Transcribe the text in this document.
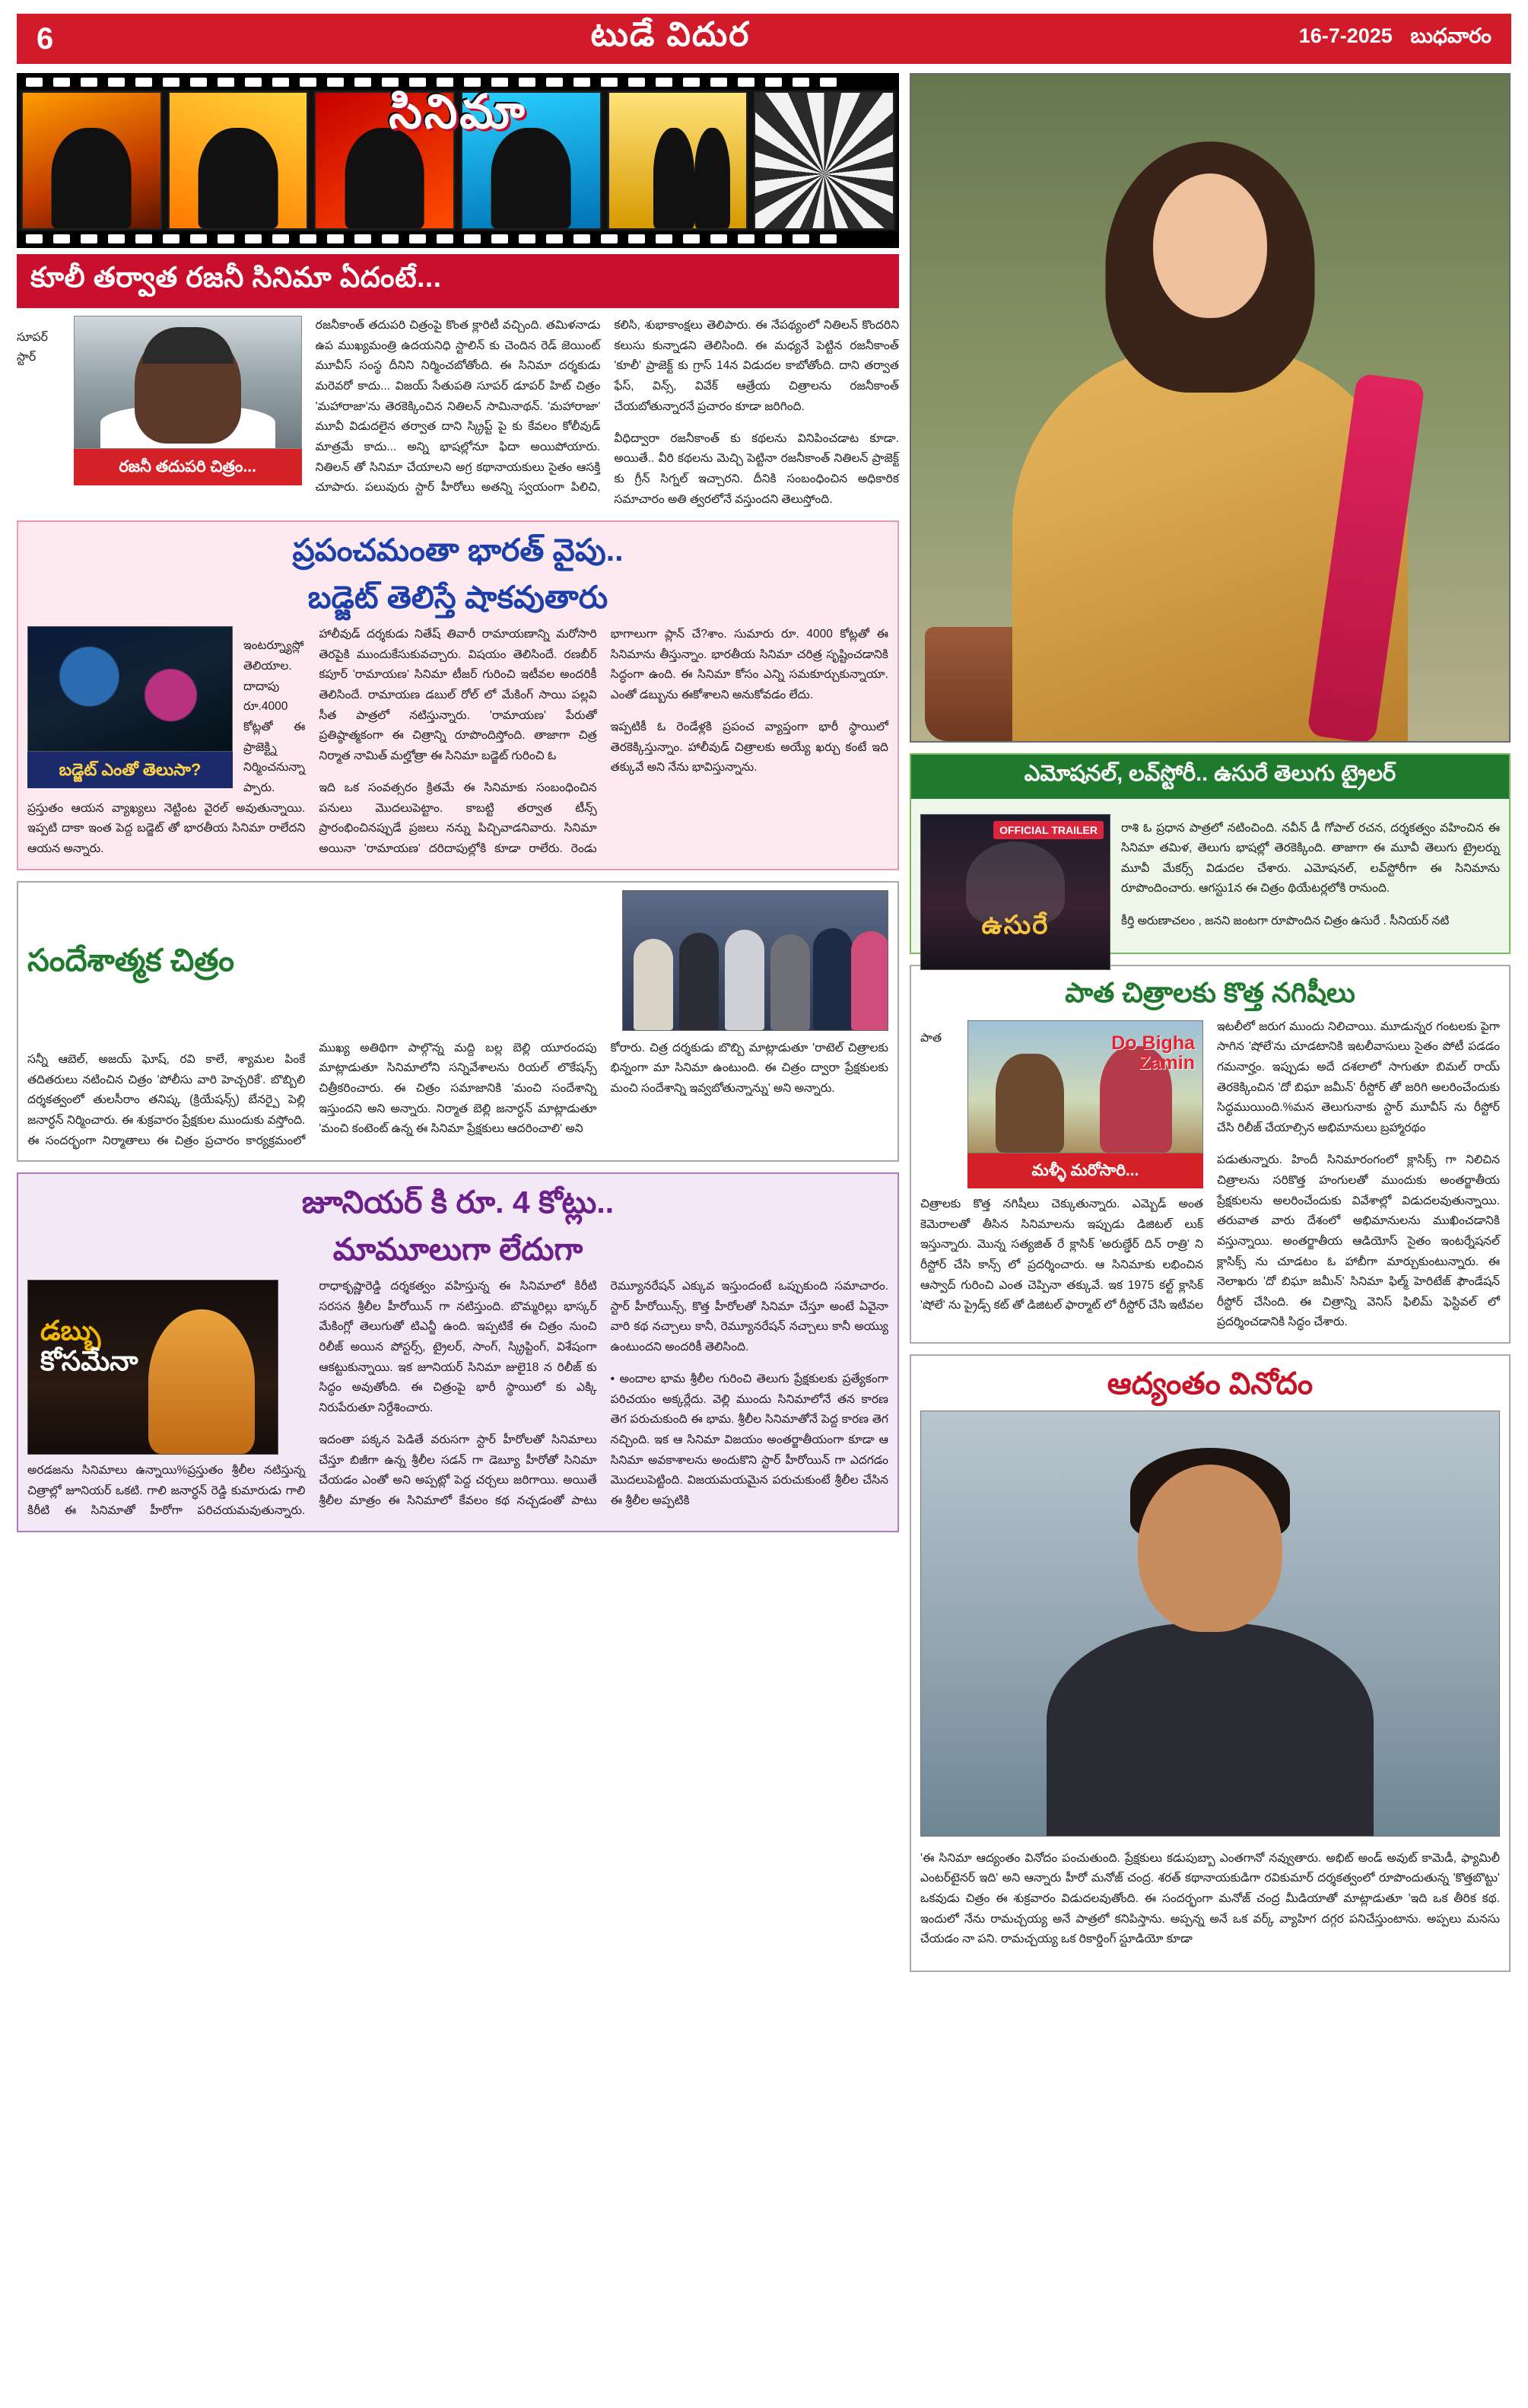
6	టుడే విదుర	16-7-2025 బుధవారం
సినిమా
కూలీ తర్వాత రజనీ సినిమా ఏదంటే...
రజనీ తదుపరి చిత్రం...

సూపర్ స్టార్ రజనీకాంత్ తదుపరి చిత్రంపై కొంత క్లారిటీ వచ్చింది. తమిళనాడు ఉప ముఖ్యమంత్రి ఉదయనిధి స్టాలిన్ కు చెందిన రెడ్ జెయింట్ మూవీస్ సంస్థ దీనిని నిర్మించబోతోంది. ఈ సినిమా దర్శకుడు మరెవరో కాదు... విజయ్ సేతుపతి సూపర్ డూపర్ హిట్ చిత్రం 'మహారాజా'ను తెరకెక్కించిన నితిలన్ సామినాథన్. 'మహారాజా' మూవీ విడుదలైన తర్వాత దాని స్క్రిప్ట్ పై కు కేవలం కోలీవుడ్ మాత్రమే కాదు... అన్ని భాషల్లోనూ ఫిదా అయిపోయారు. నితిలన్ తో సినిమా చేయాలని అగ్ర కథానాయకులు సైతం ఆసక్తి చూపారు. పలువురు స్టార్ హీరోలు అతన్ని స్వయంగా పిలిచి, కలిసి, శుభాకాంక్షలు తెలిపారు. ఈ నేపథ్యంలో నితిలన్ కొందరిని కలుసు కున్నాడని తెలిసింది. ఈ మధ్యనే పెట్టిన రజనీకాంత్ 'కూలీ' ప్రాజెక్ట్ కు గ్రాస్ 14న విడుదల కాబోతోంది. దాని తర్వాత ఫేస్, విన్స్, వివేక్ ఆత్రేయ చిత్రాలను రజనీకాంత్ చేయబోతున్నారనే ప్రచారం కూడా జరిగింది.

వీధిద్వారా రజనీకాంత్ కు కథలను వినిపించడాట కూడా. అయితే.. వీరి కథలను మెచ్చి పెట్టినా రజనీకాంత్ నితిలన్ ప్రాజెక్ట్ కు గ్రీన్ సిగ్నల్ ఇచ్చారని. దీనికి సంబంధించిన అధికారిక సమాచారం అతి త్వరలోనే వస్తుందని తెలుస్తోంది.

ప్రపంచమంతా భారత్ వైపు..
బడ్జెట్ తెలిస్తే షాకవుతారు
బడ్జెట్ ఎంతో తెలుసా?

ఇంటర్న్యూస్లో తెలియాల. దాదాపు రూ.4000 కోట్లతో ఈ ప్రాజెక్ట్ని నిర్మించనున్నా ప్పారు. ప్రస్తుతం ఆయన వ్యాఖ్యలు నెట్టింట వైరల్ అవుతున్నాయి. ఇప్పటి దాకా ఇంత పెద్ద బడ్జెట్ తో భారతీయ సినిమా రాలేదని ఆయన అన్నారు.

హాలీవుడ్ దర్శకుడు నితేష్ తివారీ రామాయణాన్ని మరోసారి తెరపైకి ముందుకేసుకువచ్చారు. విషయం తెలిసిందే. రణబీర్ కపూర్ 'రామాయణ' సినిమా టీజర్ గురించి ఇటీవల అందరికీ తెలిసిందే. రామాయణ డబుల్ రోల్ లో మేకింగ్ సాయి పల్లవి సీత పాత్రలో నటిస్తున్నారు. 'రామాయణ' పేరుతో ప్రతిష్ఠాత్మకంగా ఈ చిత్రాన్ని రూపొందిస్తోంది. తాజాగా చిత్ర నిర్మాత నామిత్ మల్హోత్రా ఈ సినిమా బడ్జెట్ గురించి ఓ

ఇది ఒక సంవత్సరం క్రితమే ఈ సినిమాకు సంబంధించిన పనులు మొదలుపెట్టాం. కాబట్టి తర్వాత టీన్స్ ప్రారంభించినప్పుడే ప్రజలు నన్ను పిచ్చివాడనివారు. సినిమా అయినా 'రామాయణ' దరిదాపుల్లోకి కూడా రాలేరు. రెండు భాగాలుగా ప్లాన్ చే?శాం. సుమారు రూ. 4000 కోట్లతో ఈ సినిమాను తీస్తున్నాం. భారతీయ సినిమా చరిత్ర సృష్టించడానికి సిద్ధంగా ఉంది. ఈ సినిమా కోసం ఎన్ని సమకూర్చుకున్నాయా. ఎంతో డబ్బును ఈకోశాలని అనుకోవడం లేదు.

ఇప్పటికీ ఓ రెండేళ్లకి ప్రపంచ వ్యాప్తంగా భారీ స్థాయిలో తెరకెక్కిస్తున్నాం. హాలీవుడ్ చిత్రాలకు అయ్యే ఖర్చు కంటే ఇది తక్కువే అని నేను భావిస్తున్నాను.

సందేశాత్మక చిత్రం

సన్నీ ఆబెల్, అజయ్ ఘోష్, రవి కాలే, శ్యామల పింకే తదితరులు నటించిన చిత్రం 'పోలీసు వారి హెచ్చరికే'. బొబ్బిలి దర్శకత్వంలో తులసీరాం తనిష్క (క్రియేషన్స్) బేనర్పై పెల్లి జనార్ధన్ నిర్మించారు. ఈ శుక్రవారం ప్రేక్షకుల ముందుకు వస్తోంది. ఈ సందర్భంగా నిర్మాతాలు ఈ చిత్రం ప్రచారం కార్యక్రమంలో ముఖ్య అతిథిగా పాల్గొన్న మద్ది బల్ల బెల్లి యూరందపు మాట్లాడుతూ సినిమాలోని సన్నివేశాలను రియల్ లొకేషన్స్ చిత్రీకరించారు. ఈ చిత్రం సమాజానికి 'మంచి సందేశాన్ని ఇస్తుందని అని అన్నారు. నిర్మాత బెల్లి జనార్ధన్ మాట్లాడుతూ 'మంచి కంటెంట్ ఉన్న ఈ సినిమా ప్రేక్షకులు ఆదరించాలి' అని

కోరారు. చిత్ర దర్శకుడు బొబ్బి మాట్లాడుతూ 'రాటెల్ చిత్రాలకు భిన్నంగా మా సినిమా ఉంటుంది. ఈ చిత్రం ద్వారా ప్రేక్షకులకు మంచి సందేశాన్ని ఇవ్వబోతున్నాన్ను' అని అన్నారు.

జూనియర్ కి రూ. 4 కోట్లు..
మామూలుగా లేదుగా
డబ్బు
కోసమేనా

అరడజను సినిమాలు ఉన్నాయి%ప్రస్తుతం శ్రీలీల నటిస్తున్న చిత్రాల్లో జూనియర్ ఒకటి. గాలి జనార్ధన్ రెడ్డి కుమారుడు గాలి కిరీటి ఈ సినిమాతో హీరోగా పరిచయమవుతున్నారు. రాధాకృష్ణారెడ్డి దర్శకత్వం వహిస్తున్న ఈ సినిమాలో కిరీటి సరసన శ్రీలీల హీరోయిన్ గా నటిస్తుంది. బొమ్మరిల్లు భాస్కర్ మేకింగ్లో తెలుగుతో టిఎన్జీ ఉంది. ఇప్పటికే ఈ చిత్రం నుంచి రిలీజ్ అయిన పోస్టర్స్, ట్రైలర్, సాంగ్, స్క్రిప్టింగ్, విశేషంగా ఆకట్టుకున్నాయి. ఇక జూనియర్ సినిమా జులై18 న రిలీజ్ కు సిద్ధం అవుతోంది. ఈ చిత్రంపై భారీ స్థాయిలో కు ఎక్కి నిరుపేరుతూ నిర్దేశించారు.

ఇదంతా పక్కన పెడితే వరుసగా స్టార్ హీరోలతో సినిమాలు చేస్తూ బిజీగా ఉన్న శ్రీలీల సడన్ గా డెబ్యూ హీరోతో సినిమా చేయడం ఎంతో అని అప్పట్లో పెద్ద చర్చలు జరిగాయి. అయితే శ్రీలీల మాత్రం ఈ సినిమాలో కేవలం కథ నచ్చడంతో పాటు రెమ్యూనరేషన్ ఎక్కువ ఇస్తుందంటే ఒప్పుకుంది సమాచారం. స్టార్ హీరోయిన్స్, కొత్త హీరోలతో సినిమా చేస్తూ అంటే ఏవైనా వారి కథ నచ్చాలు కానీ, రెమ్యూనరేషన్ నచ్చాలు కానీ అయ్యు ఉంటుందని అందరికీ తెలిసింది.

• అందాల భామ శ్రీలీల గురించి తెలుగు ప్రేక్షకులకు ప్రత్యేకంగా పరిచయం అక్కర్లేదు. వెల్లి ముందు సినిమాలోనే తన కారణ తెగ పరుచుకుంది ఈ భామ. శ్రీలీల సినిమాతోనే పెద్ద కారణ తెగ నచ్చింది. ఇక ఆ సినిమా విజయం అంతర్జాతీయంగా కూడా ఆ సినిమా అవకాశాలను అందుకొని స్టార్ హీరోయిన్ గా ఎదగడం మొదలుపెట్టింది. విజయమయమైన పరుచుకుంటే శ్రీలీల చేసిన ఈ శ్రీలీల అప్పటికి

ఎమోషనల్, లవ్‌స్టోరీ.. ఉసురే తెలుగు ట్రైలర్
OFFICIAL TRAILER
ఉసురే

రాశి ఓ ప్రధాన పాత్రలో నటించింది. నవీన్ డీ గోపాల్ రచన, దర్శకత్వం వహించిన ఈ సినిమా తమిళ, తెలుగు భాషల్లో తెరకెక్కింది. తాజాగా ఈ మూవీ తెలుగు ట్రైలర్ను మూవీ మేకర్స్ విడుదల చేశారు. ఎమోషనల్, లవ్‌స్టోరీగా ఈ సినిమాను రూపొందించారు. ఆగస్టు1న ఈ చిత్రం థియేటర్లలోకి రానుంది.

కీర్తి అరుణాచలం , జనని జంటగా రూపొందిన చిత్రం ఉసురే . సీనియర్ నటి

పాత చిత్రాలకు కొత్త నగిషీలు
Do Bigha
Zamin
మళ్ళీ మరోసారి...

పాత చిత్రాలకు కొత్త నగిషీలు చెక్కుతున్నారు. ఎమ్బెడ్ అంత కెమెరాలతో తీసిన సినిమాలను ఇప్పుడు డిజిటల్ లుక్ ఇస్తున్నారు. మొన్న సత్యజిత్ రే క్లాసిక్ 'అరుణ్ఢేర్ దిన్ రాత్రి' ని రీస్టోర్ చేసి కాన్స్ లో ప్రదర్శించారు. ఆ సినిమాకు లభించిన ఆస్వాద్ గురించి ఎంత చెప్పినా తక్కువే. ఇక 1975 కల్ట్ క్లాసిక్ 'షోలే' ను ప్రైడ్స్ కట్ తో డిజిటల్ ఫార్మాట్ లో రీస్టోర్ చేసి ఇటీవల ఇటలీలో జరుగ ముందు నిలిచాయి. మూడున్నర గంటలకు పైగా సాగిన 'షోలే'ను చూడటానికి ఇటలీవాసులు సైతం పోటీ పడడం గమనార్హం. ఇప్పుడు అదే దశలాలో సాగుతూ బిమల్ రాయ్ తెరకెక్కించిన 'దో బిఘా జమీన్' రీస్టోర్ తో జరిగి అలరించేందుకు సిద్ధముయింది.%మన తెలుగునాకు స్టార్ మూవీస్ ను రీస్టోర్ చేసి రిలీజ్ చేయాల్సిన అభిమానులు బ్రహ్మారథం

పడుతున్నారు. హిందీ సినిమారంగంలో క్లాసిక్స్ గా నిలిచిన చిత్రాలను సరికొత్త హంగులతో ముందుకు అంతర్జాతీయ ప్రేక్షకులను అలరించేందుకు వివేశాల్లో విడుదలవుతున్నాయి. తరువాత వారు దేశంలో అభిమానులను ముఖించడానికి వస్తున్నాయి. అంతర్జాతీయ ఆడియోస్ సైతం ఇంటర్నేషనల్ క్లాసిక్స్ ను చూడటం ఓ హాబీగా మార్చుకుంటున్నారు. ఈ నెలాఖరు 'దో బిఘా జమీన్' సినిమా ఫిల్మ్ హెరిటేజ్ ఫౌండేషన్ రీస్టోర్ చేసింది. ఈ చిత్రాన్ని వెనిస్ ఫిలిమ్ ఫెస్టివల్ లో ప్రదర్శించడానికి సిద్ధం చేశారు.

ఆద్యంతం వినోదం

'ఈ సినిమా ఆద్యంతం వినోదం పంచుతుంది. ప్రేక్షకులు కడుపుబ్బా ఎంతగానో నవ్వుతారు. అభిట్ అండ్ అవుట్ కామెడీ, ఫ్యామిలీ ఎంటర్‌టైనర్ ఇది' అని ఆన్నారు హీరో మనోజ్ చంద్ర. శరత్ కథానాయకుడిగా రవికుమార్ దర్శకత్వంలో రూపొందుతున్న 'కొత్తబొట్టు' ఒకవుడు చిత్రం ఈ శుక్రవారం విడుదలవుతోంది. ఈ సందర్భంగా మనోజ్ చంద్ర మీడియాతో మాట్లాడుతూ 'ఇది ఒక తీరిక కథ. ఇందులో నేను రామచ్చయ్య అనే పాత్రలో కనిపిస్తాను. అప్పన్న అనే ఒక వర్క్ వ్యాహిగ దగ్గర పనిచేస్తుంటాను. అప్పలు మనసు చేయడం నా పని. రామచ్చయ్య ఒక రికార్డింగ్ స్టూడియో కూడా
